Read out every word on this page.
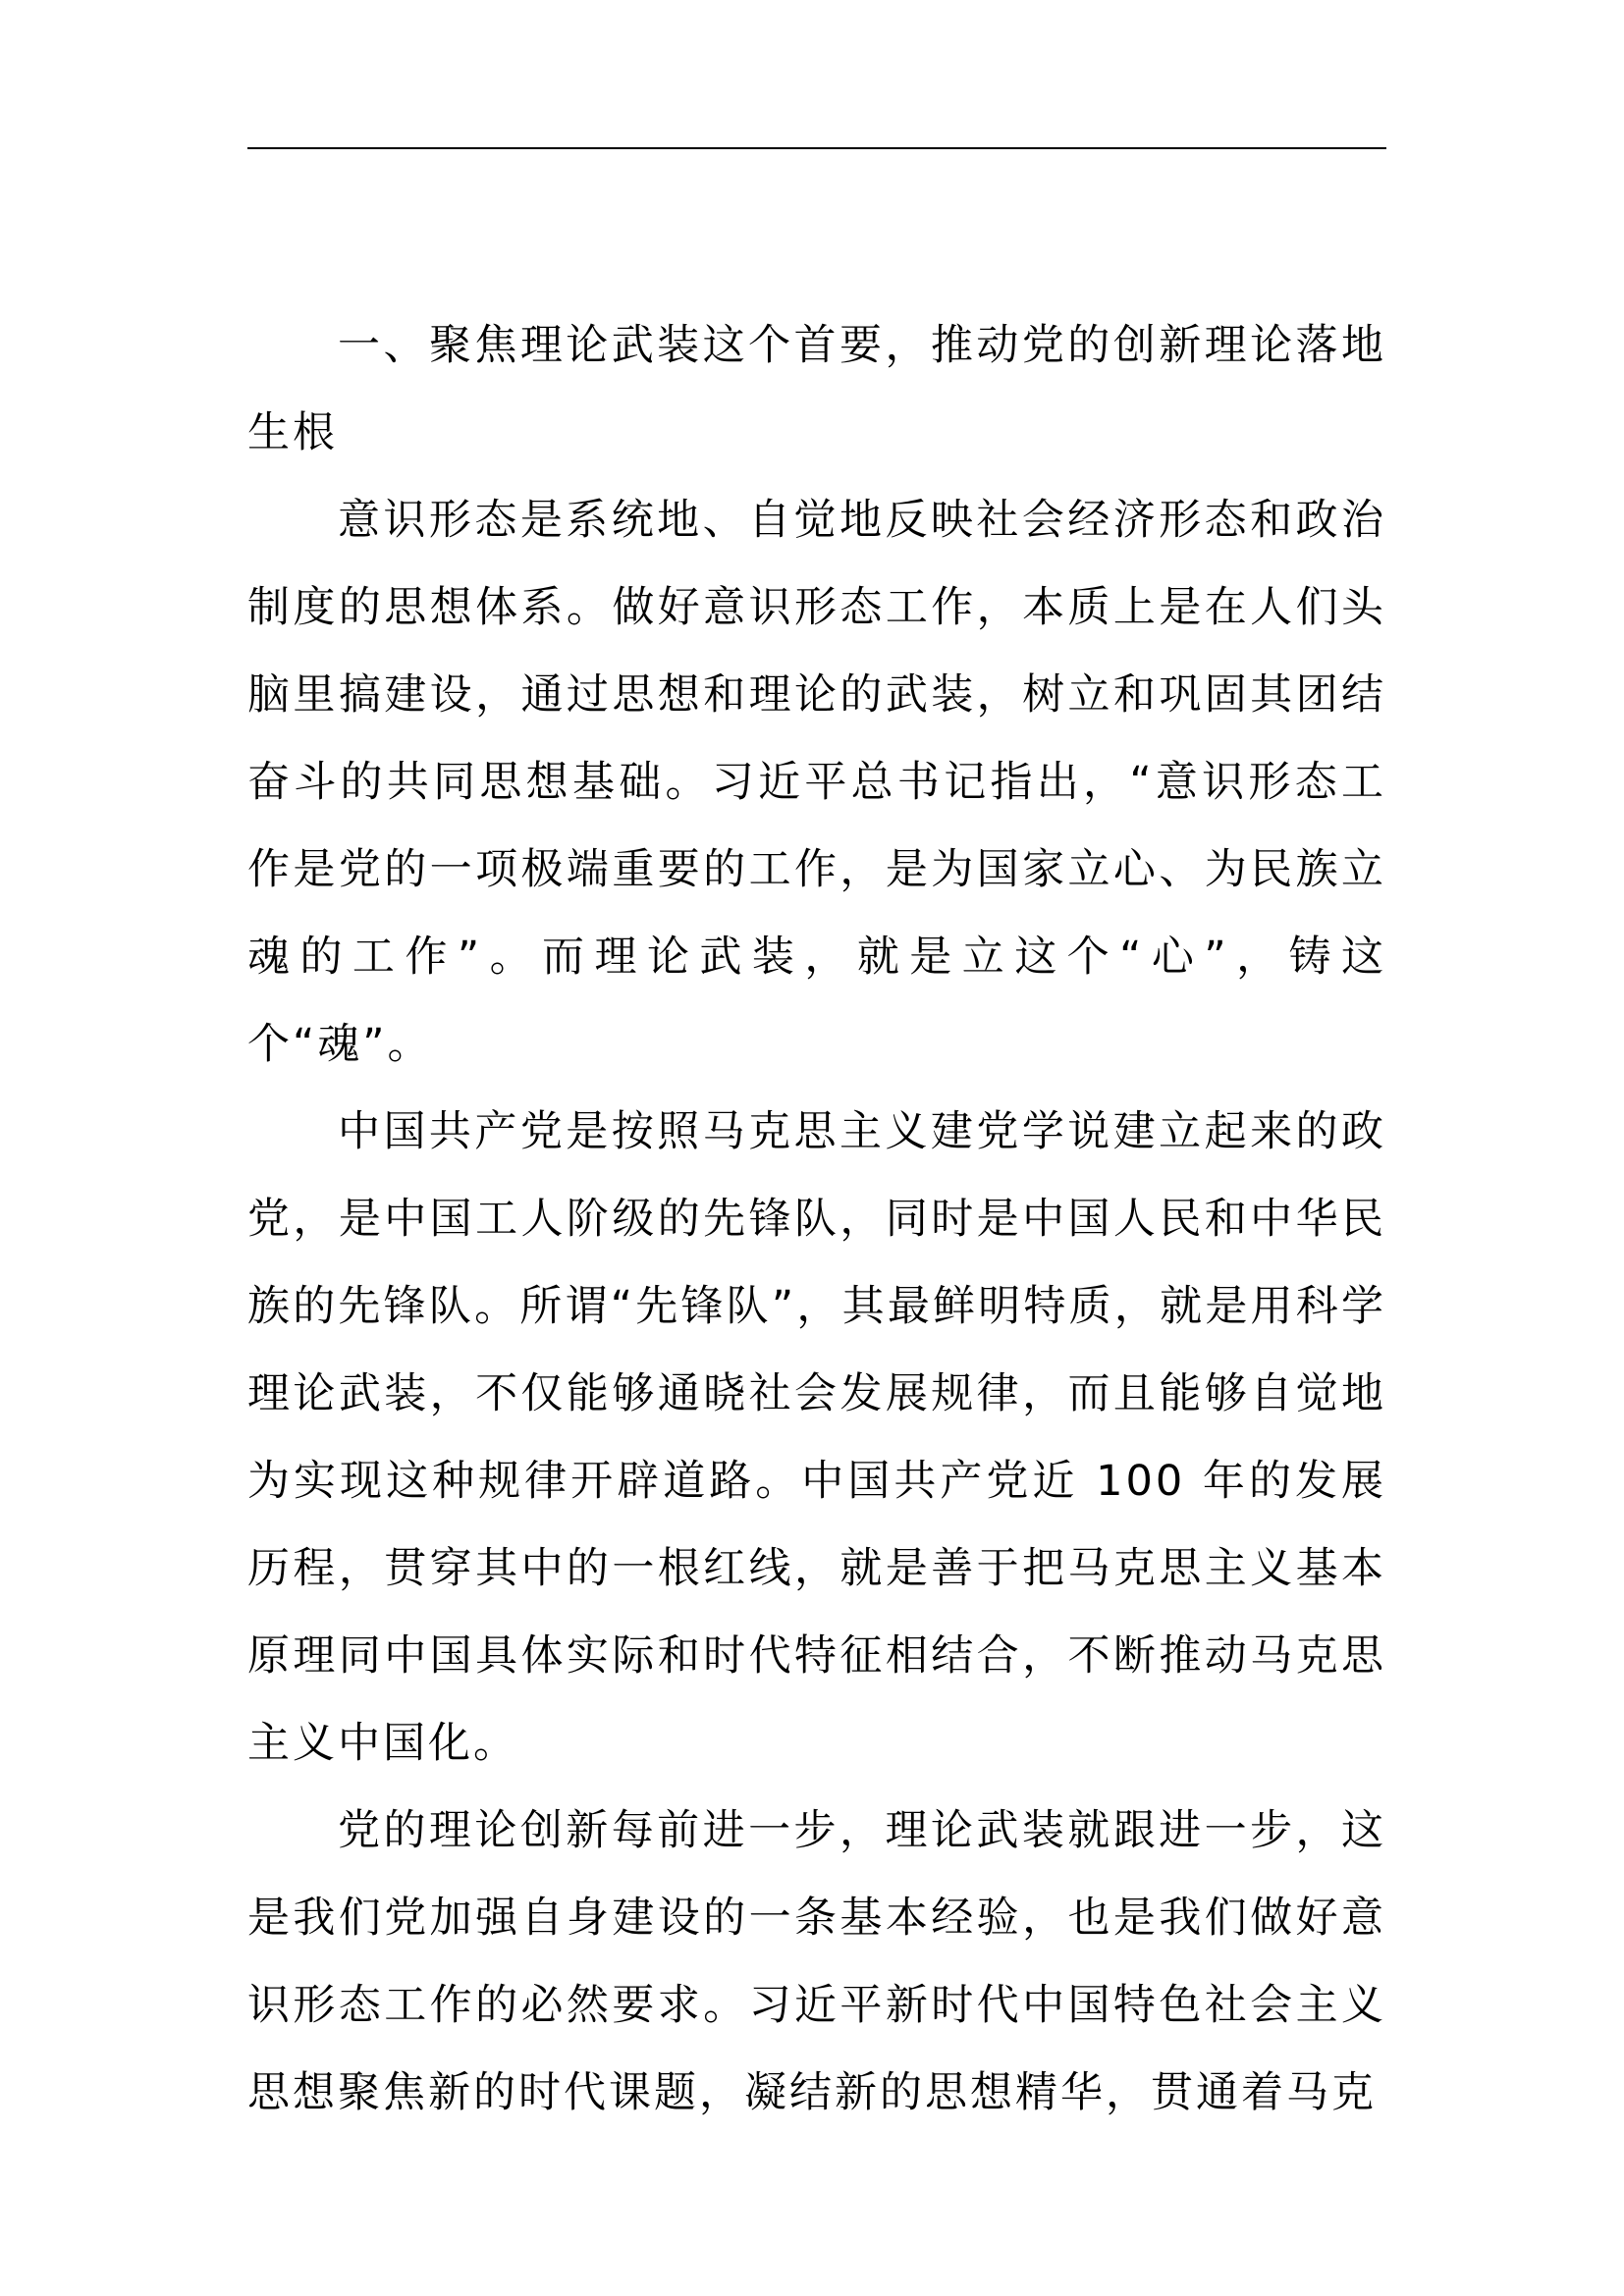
一、聚焦理论武装这个首要，推动党的创新理论落地生根

意识形态是系统地、自觉地反映社会经济形态和政治制度的思想体系。做好意识形态工作，本质上是在人们头脑里搞建设，通过思想和理论的武装，树立和巩固其团结奋斗的共同思想基础。习近平总书记指出，“意识形态工作是党的一项极端重要的工作，是为国家立心、为民族立魂的工作”。而理论武装，就是立这个“心”，铸这个“魂”。

中国共产党是按照马克思主义建党学说建立起来的政党，是中国工人阶级的先锋队，同时是中国人民和中华民族的先锋队。所谓“先锋队”，其最鲜明特质，就是用科学理论武装，不仅能够通晓社会发展规律，而且能够自觉地为实现这种规律开辟道路。中国共产党近 100 年的发展历程，贯穿其中的一根红线，就是善于把马克思主义基本原理同中国具体实际和时代特征相结合，不断推动马克思主义中国化。

党的理论创新每前进一步，理论武装就跟进一步，这是我们党加强自身建设的一条基本经验，也是我们做好意识形态工作的必然要求。习近平新时代中国特色社会主义思想聚焦新的时代课题，凝结新的思想精华，贯通着马克
